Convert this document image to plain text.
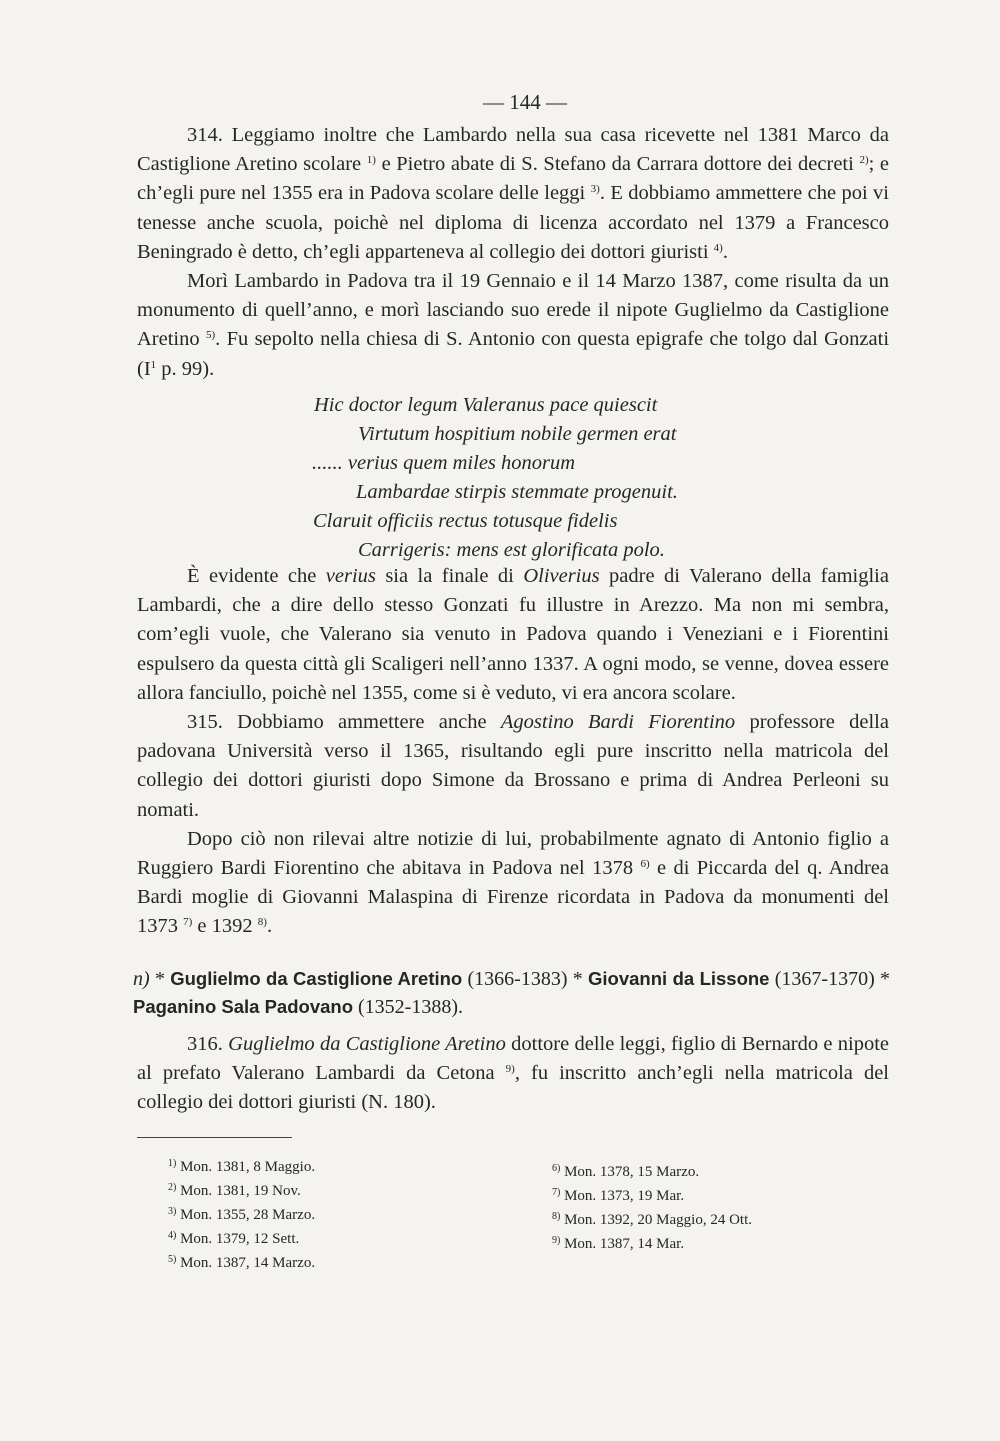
— 144 —

314. Leggiamo inoltre che Lambardo nella sua casa ricevette nel 1381 Marco da Castiglione Aretino scolare $^{1)}$ e Pietro abate di S. Stefano da Carrara dottore dei decreti $^{2)}$; e ch’egli pure nel 1355 era in Padova scolare delle leggi $^{3)}$. E dobbiamo ammettere che poi vi tenesse anche scuola, poichè nel diploma di licenza accordato nel 1379 a Francesco Beningrado è detto, ch’egli apparteneva al collegio dei dottori giuristi $^{4)}$.

Morì Lambardo in Padova tra il 19 Gennaio e il 14 Marzo 1387, come risulta da un monumento di quell’anno, e morì lasciando suo erede il nipote Guglielmo da Castiglione Aretino $^{5)}$. Fu sepolto nella chiesa di S. Antonio con questa epigrafe che tolgo dal Gonzati ($I^1$ p. 99).

Hic doctor legum Valeranus pace quiescit
Virtutum hospitium nobile germen erat
...... verius quem miles honorum
Lambardae stirpis stemmate progenuit.
Claruit officiis rectus totusque fidelis
Carrigeris: mens est glorificata polo.

È evidente che verius sia la finale di Oliverius padre di Valerano della famiglia Lambardi, che a dire dello stesso Gonzati fu illustre in Arezzo. Ma non mi sembra, com’egli vuole, che Valerano sia venuto in Padova quando i Veneziani e i Fiorentini espulsero da questa città gli Scaligeri nell’anno 1337. A ogni modo, se venne, dovea essere allora fanciullo, poichè nel 1355, come si è veduto, vi era ancora scolare.

315. Dobbiamo ammettere anche Agostino Bardi Fiorentino professore della padovana Università verso il 1365, risultando egli pure inscritto nella matricola del collegio dei dottori giuristi dopo Simone da Brossano e prima di Andrea Perleoni su nomati.

Dopo ciò non rilevai altre notizie di lui, probabilmente agnato di Antonio figlio a Ruggiero Bardi Fiorentino che abitava in Padova nel 1378 $^{6)}$ e di Piccarda del q. Andrea Bardi moglie di Giovanni Malaspina di Firenze ricordata in Padova da monumenti del 1373 $^{7)}$ e 1392 $^{8)}$.

n) * Guglielmo da Castiglione Aretino (1366-1383) * Giovanni da Lissone (1367-1370) * Paganino Sala Padovano (1352-1388).

316. Guglielmo da Castiglione Aretino dottore delle leggi, figlio di Bernardo e nipote al prefato Valerano Lambardi da Cetona $^{9)}$, fu inscritto anch’egli nella matricola del collegio dei dottori giuristi (N. 180).

$^{1)}$ Mon. 1381, 8 Maggio.
$^{2)}$ Mon. 1381, 19 Nov.
$^{3)}$ Mon. 1355, 28 Marzo.
$^{4)}$ Mon. 1379, 12 Sett.
$^{5)}$ Mon. 1387, 14 Marzo.
$^{6)}$ Mon. 1378, 15 Marzo.
$^{7)}$ Mon. 1373, 19 Mar.
$^{8)}$ Mon. 1392, 20 Maggio, 24 Ott.
$^{9)}$ Mon. 1387, 14 Mar.
